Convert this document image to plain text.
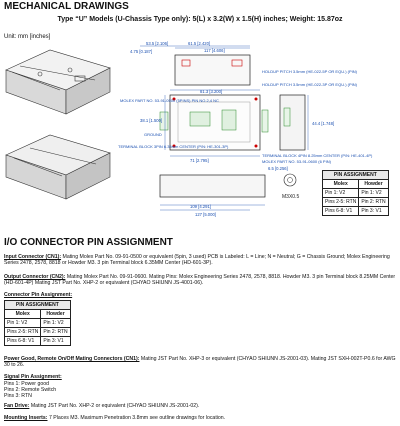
MECHANICAL DRAWINGS
Type “U” Models (U-Chassis Type only): 5(L) x 3.2(W) x 1.5(H) inches; Weight: 15.87oz
Unit: mm [inches]
53.5 [2.106]	61.5 [2.420]
117 [4.606]
4.75 [0.187]
81.3 [3.200]
38.1 [1.500]
71 [2.795]
109 [4.291]
127 [5.000]
44.4 [1.748]
6.5 [0.256]
MOLEX PART NO. 53-91-0500 (5PINS) PIN NO.2,4 NC
HOLDUP PITCH 3.5mm (HE-022-5P OR EQU.) (PIN)
HOLDUP PITCH 3.5mm (HE-022-3P OR EQU.) (PIN)
MOLEX PART NO. 53-91-0600 (6 PIN)
TERMINAL BLOCK 3PIN 6.35mm CENTER (P/N: HE-301-3P)
TERMINAL BLOCK 4PIN 8.25mm CENTER (P/N: HE-401-4P)
GROUND
M3X0.5
PIN ASSIGNMENT	
Molex	Howder
Pin 1: V2	Pin 1: V2
Pins 2-5: RTN	Pin 2: RTN
Pins 6-8: V1	Pin 3: V1
I/O CONNECTOR PIN ASSIGNMENT
Input Connector (CN1): Mating Molex Part No. 09-91-0500 or equivalent (5pin, 3 used) PCB is Labeled: L = Line; N = Neutral; G = Chassis Ground; Molex Engineering Series 2478, 2578, 8818 or Howder M3. 3 pin Terminal block 6.35MM Center (HD-601-3P).
Output Connector (CN2): Mating Molex Part No. 09-91-0600. Mating Pins: Molex Engineering Series 2478, 2578, 8818. Howder M3. 3 pin Terminal block 8.25MM Center (HD-601-4P) Mating JST Part No. XHP-2 or equivalent (CHYAO SHIUNN JS-4001-06).
Connector Pin Assignment:
PIN ASSIGNMENT	
Molex	Howder
Pin 1: V2	Pin 1: V2
Pins 2-5: RTN	Pin 2: RTN
Pins 6-8: V1	Pin 3: V1
Power Good, Remote On/Off Mating Connectors (CN1): Mating JST Part No. XHP-3 or equivalent (CHYAO SHIUNN JS-2001-03). Mating JST SXH-002T-P0.6 for AWG 30 to 26.
Signal Pin Assignment:
Pins 1: Power good
Pins 2: Remote Switch
Pins 3: RTN
Fan Drive: Mating JST Part No. XHP-2 or equivalent (CHYAO SHIUNN JS-2001-02).
Mounting Inserts: 7 Places M3. Maximum Penetration 3.8mm see outline drawings for location.
